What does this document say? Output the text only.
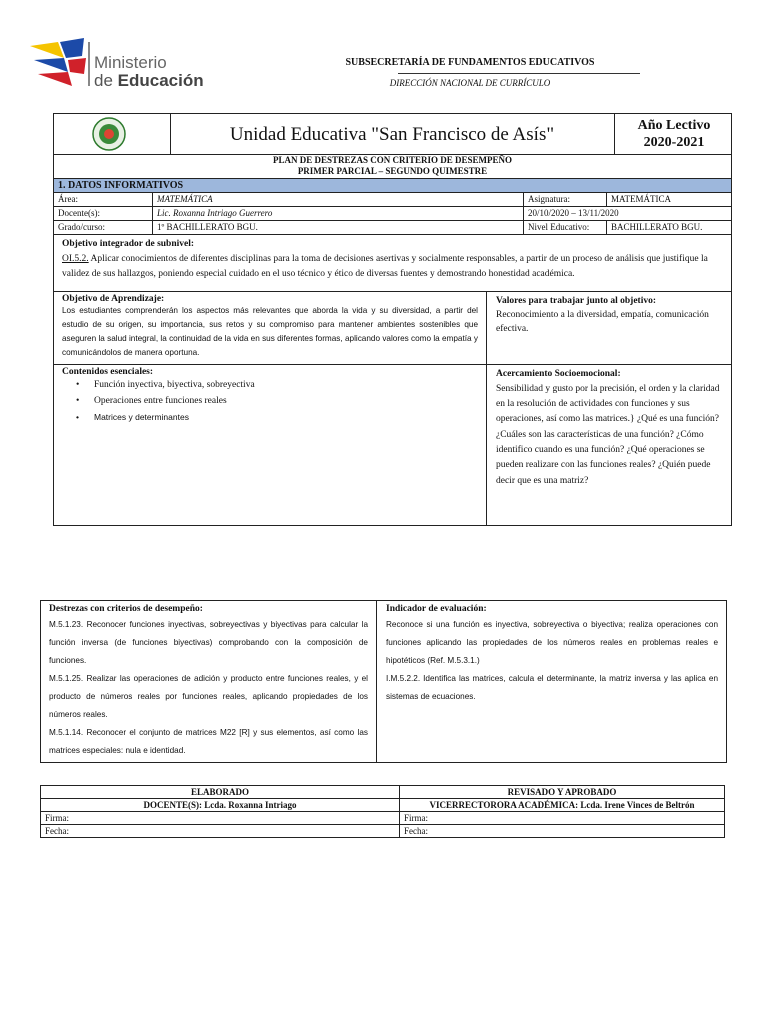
Ministerio
de Educación
SUBSECRETARÍA DE FUNDAMENTOS EDUCATIVOS
DIRECCIÓN NACIONAL DE CURRÍCULO
Unidad Educativa "San Francisco de Asís"	Año Lectivo
2020-2021
PLAN DE DESTREZAS CON CRITERIO DE DESEMPEÑO
PRIMER PARCIAL – SEGUNDO QUIMESTRE
1. DATOS INFORMATIVOS			
Área:	MATEMÁTICA	Asignatura:	MATEMÁTICA
Docente(s):	Lic. Roxanna Intriago Guerrero	20/10/2020 – 13/11/2020	
Grado/curso:	1º BACHILLERATO BGU.	Nivel Educativo:	BACHILLERATO BGU.
Objetivo integrador de subnivel:
OI.5.2. Aplicar conocimientos de diferentes disciplinas para la toma de decisiones asertivas y socialmente responsables, a partir de un proceso de análisis que justifique la validez de sus hallazgos, poniendo especial cuidado en el uso técnico y ético de diversas fuentes y demostrando honestidad académica.
Objetivo de Aprendizaje:
Los estudiantes comprenderán los aspectos más relevantes que aborda la vida y su diversidad, a partir del estudio de su origen, su importancia, sus retos y su compromiso para mantener ambientes sostenibles que aseguren la salud integral, la continuidad de la vida en sus diferentes formas, aplicando valores como la empatía y comunicándolos de manera oportuna.
Valores para trabajar junto al objetivo:
Reconocimiento a la diversidad, empatía, comunicación efectiva.
Contenidos esenciales:
• Función inyectiva, biyectiva, sobreyectiva
• Operaciones entre funciones reales
• Matrices y determinantes
Acercamiento Socioemocional:
Sensibilidad y gusto por la precisión, el orden y la claridad en la resolución de actividades con funciones y sus operaciones, así como las matrices.} ¿Qué es una función? ¿Cuáles son las características de una función? ¿Cómo identifico cuando es una función? ¿Qué operaciones se pueden realizare con las funciones reales? ¿Quién puede decir que es una matriz?
Destrezas con criterios de desempeño:
M.5.1.23. Reconocer funciones inyectivas, sobreyectivas y biyectivas para calcular la función inversa (de funciones biyectivas) comprobando con la composición de funciones.
M.5.1.25. Realizar las operaciones de adición y producto entre funciones reales, y el producto de números reales por funciones reales, aplicando propiedades de los números reales.
M.5.1.14. Reconocer el conjunto de matrices M22 [R] y sus elementos, así como las matrices especiales: nula e identidad.
Indicador de evaluación:
Reconoce si una función es inyectiva, sobreyectiva o biyectiva; realiza operaciones con funciones aplicando las propiedades de los números reales en problemas reales e hipotéticos (Ref. M.5.3.1.)
I.M.5.2.2. Identifica las matrices, calcula el determinante, la matriz inversa y las aplica en sistemas de ecuaciones.
ELABORADO	REVISADO Y APROBADO
DOCENTE(S): Lcda. Roxanna Intriago	VICERRECTORORA ACADÉMICA: Lcda. Irene Vinces de Beltrón
Firma:	Firma:
Fecha:	Fecha:
